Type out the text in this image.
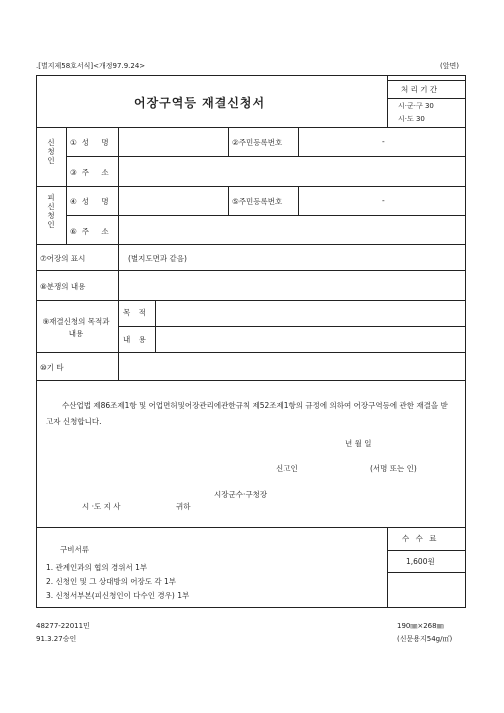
.[별지제58호서식]<개정97.9.24>	(앞면)
어장구역등 재결신청서
처 리 기 간
시·군·구 30
시·도 30
신청인
①성 명	②주민등록번호	-
③주 소
피신청인
④성 명	⑤주민등록번호	-
⑥주 소
⑦어장의 표시	(별지도면과 같음)
⑧분쟁의 내용
⑨재결신청의 목적과내용
목 적
내 용
⑩기 타
수산업법 제86조제1항 및 어업면허및어장관리에관한규칙 제52조제1항의 규정에 의하여 어장구역등에 관한 재결을 받고자 신청합니다.
년 월 일
신고인	(서명 또는 인)
시장군수·구청장
시 ·도 지 사	귀하
구비서류
1. 관계인과의 협의 경위서 1부
2. 신청인 및 그 상대방의 어장도 각 1부
3. 신청서부본(피신청인이 다수인 경우) 1부
수 수 료
1,600원
48277-22011민
91.3.27승인
190㎜×268㎜
(신문용지54g/㎡)
